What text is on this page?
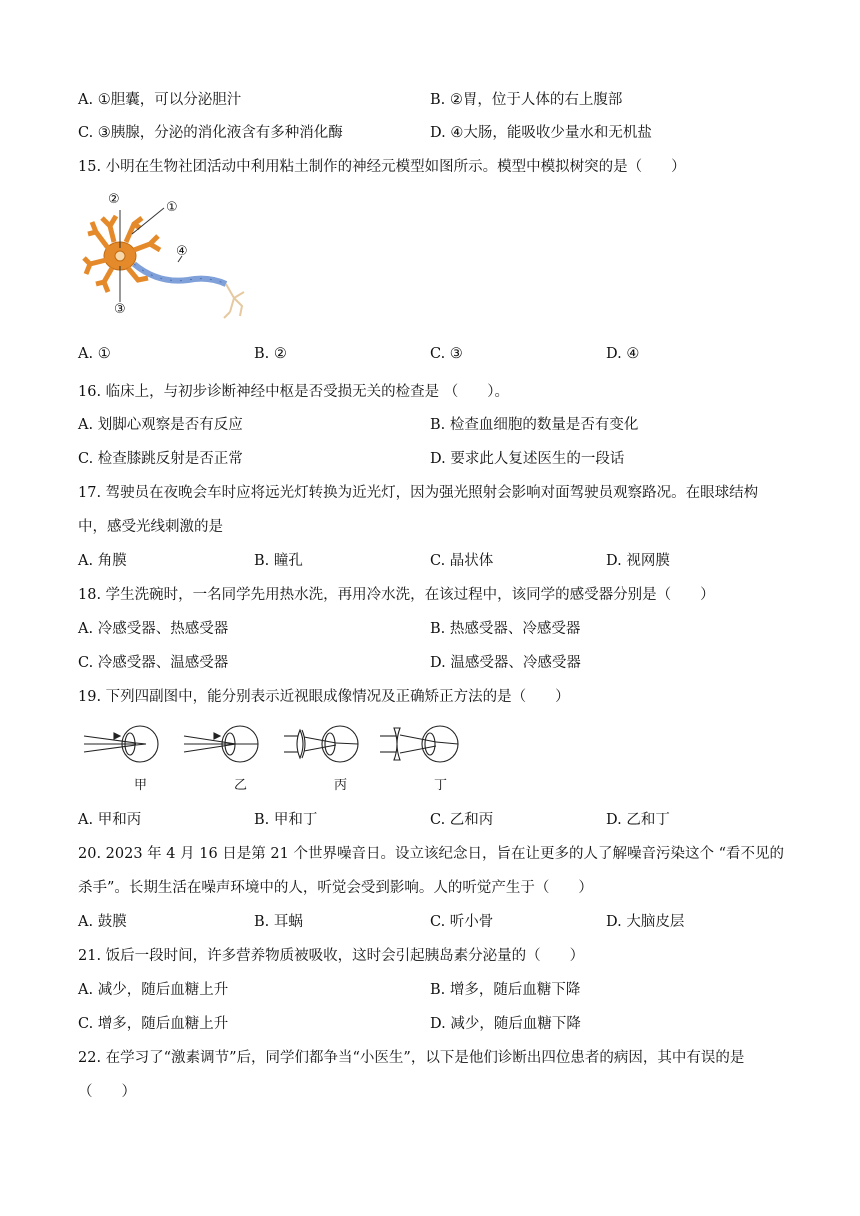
A. ①胆囊，可以分泌胆汁	B. ②胃，位于人体的右上腹部
C. ③胰腺，分泌的消化液含有多种消化酶	D. ④大肠，能吸收少量水和无机盐
15. 小明在生物社团活动中利用粘土制作的神经元模型如图所示。模型中模拟树突的是（　　）
②
①
④
③
A. ①	B. ②	C. ③	D. ④
16. 临床上，与初步诊断神经中枢是否受损无关的检查是 （　　）。
A. 划脚心观察是否有反应	B. 检查血细胞的数量是否有变化
C. 检查膝跳反射是否正常	D. 要求此人复述医生的一段话
17. 驾驶员在夜晚会车时应将远光灯转换为近光灯，因为强光照射会影响对面驾驶员观察路况。在眼球结构
中，感受光线刺激的是
A. 角膜	B. 瞳孔	C. 晶状体	D. 视网膜
18. 学生洗碗时，一名同学先用热水洗，再用冷水洗，在该过程中，该同学的感受器分别是（　　）
A. 冷感受器、热感受器	B. 热感受器、冷感受器
C. 冷感受器、温感受器	D. 温感受器、冷感受器
19. 下列四副图中，能分别表示近视眼成像情况及正确矫正方法的是（　　）
甲	乙	丙	丁
A. 甲和丙	B. 甲和丁	C. 乙和丙	D. 乙和丁
20. 2023 年 4 月 16 日是第 21 个世界噪音日。设立该纪念日，旨在让更多的人了解噪音污染这个 “看不见的
杀手”。长期生活在噪声环境中的人，听觉会受到影响。人的听觉产生于（　　）
A. 鼓膜	B. 耳蜗	C. 听小骨	D. 大脑皮层
21. 饭后一段时间，许多营养物质被吸收，这时会引起胰岛素分泌量的（　　）
A. 减少，随后血糖上升	B. 增多，随后血糖下降
C. 增多，随后血糖上升	D. 减少，随后血糖下降
22. 在学习了“激素调节”后，同学们都争当“小医生”，以下是他们诊断出四位患者的病因，其中有误的是
（　　）
